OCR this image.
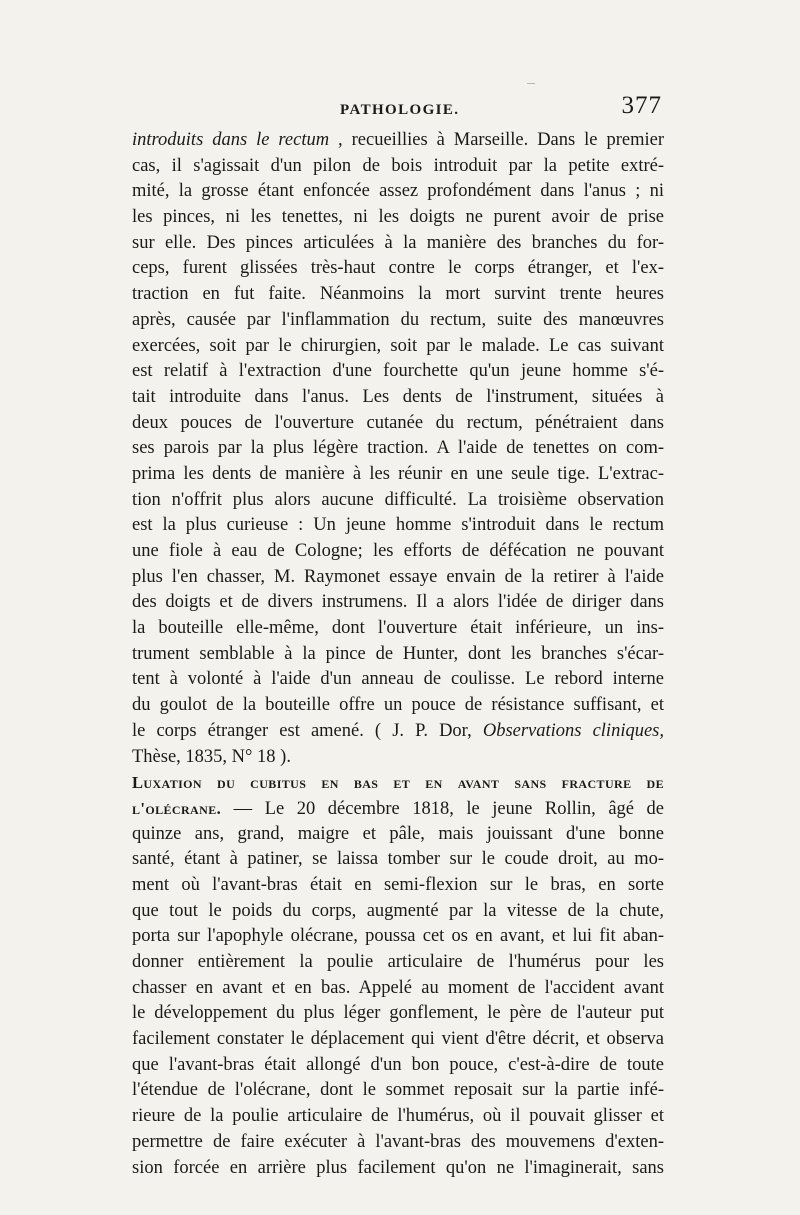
PATHOLOGIE.	377
introduits dans le rectum , recueillies à Marseille. Dans le premier
cas, il s'agissait d'un pilon de bois introduit par la petite extré-
mité, la grosse étant enfoncée assez profondément dans l'anus ; ni
les pinces, ni les tenettes, ni les doigts ne purent avoir de prise
sur elle. Des pinces articulées à la manière des branches du for-
ceps, furent glissées très-haut contre le corps étranger, et l'ex-
traction en fut faite. Néanmoins la mort survint trente heures
après, causée par l'inflammation du rectum, suite des manœuvres
exercées, soit par le chirurgien, soit par le malade. Le cas suivant
est relatif à l'extraction d'une fourchette qu'un jeune homme s'é-
tait introduite dans l'anus. Les dents de l'instrument, situées à
deux pouces de l'ouverture cutanée du rectum, pénétraient dans
ses parois par la plus légère traction. A l'aide de tenettes on com-
prima les dents de manière à les réunir en une seule tige. L'extrac-
tion n'offrit plus alors aucune difficulté. La troisième observation
est la plus curieuse : Un jeune homme s'introduit dans le rectum
une fiole à eau de Cologne; les efforts de défécation ne pouvant
plus l'en chasser, M. Raymonet essaye envain de la retirer à l'aide
des doigts et de divers instrumens. Il a alors l'idée de diriger dans
la bouteille elle-même, dont l'ouverture était inférieure, un ins-
trument semblable à la pince de Hunter, dont les branches s'écar-
tent à volonté à l'aide d'un anneau de coulisse. Le rebord interne
du goulot de la bouteille offre un pouce de résistance suffisant, et
le corps étranger est amené. ( J. P. Dor, Observations cliniques,
Thèse, 1835, N° 18 ).
Luxation du cubitus en bas et en avant sans fracture de
l'olécrane. — Le 20 décembre 1818, le jeune Rollin, âgé de
quinze ans, grand, maigre et pâle, mais jouissant d'une bonne
santé, étant à patiner, se laissa tomber sur le coude droit, au mo-
ment où l'avant-bras était en semi-flexion sur le bras, en sorte
que tout le poids du corps, augmenté par la vitesse de la chute,
porta sur l'apophyle olécrane, poussa cet os en avant, et lui fit aban-
donner entièrement la poulie articulaire de l'humérus pour les
chasser en avant et en bas. Appelé au moment de l'accident avant
le développement du plus léger gonflement, le père de l'auteur put
facilement constater le déplacement qui vient d'être décrit, et observa
que l'avant-bras était allongé d'un bon pouce, c'est-à-dire de toute
l'étendue de l'olécrane, dont le sommet reposait sur la partie infé-
rieure de la poulie articulaire de l'humérus, où il pouvait glisser et
permettre de faire exécuter à l'avant-bras des mouvemens d'exten-
sion forcée en arrière plus facilement qu'on ne l'imaginerait, sans
